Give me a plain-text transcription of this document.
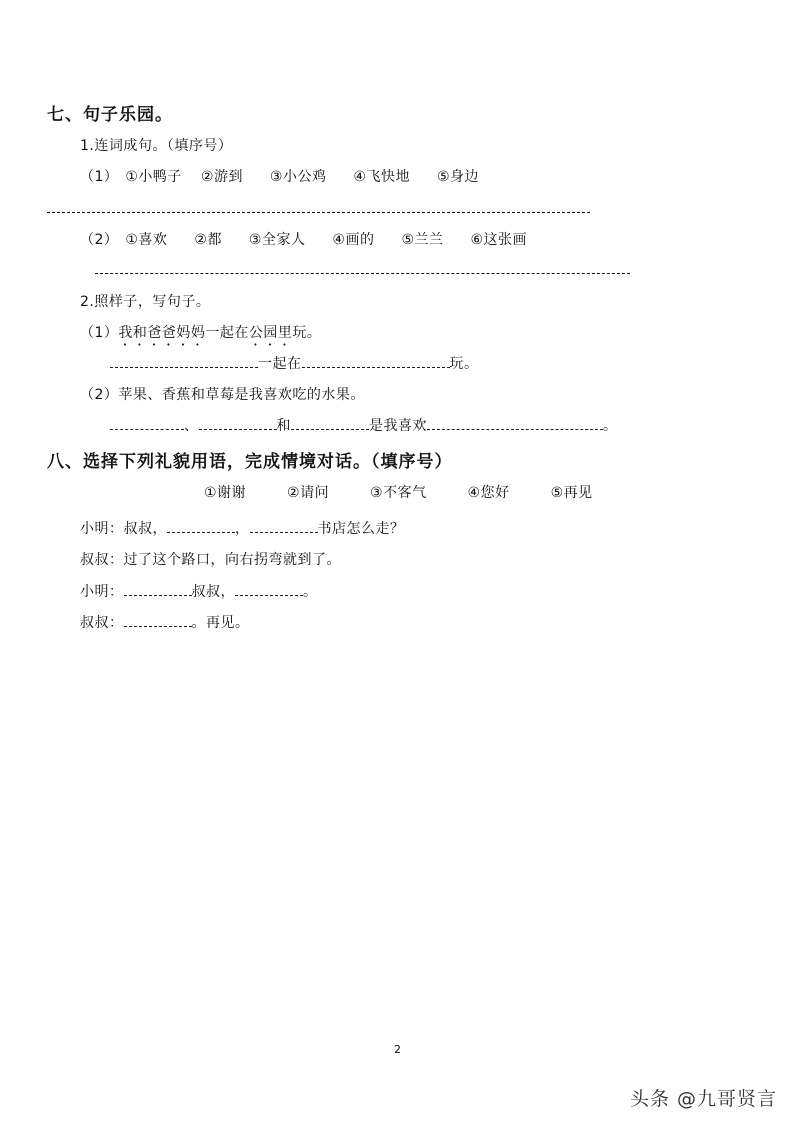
七、句子乐园。
1.连词成句。（填序号）
（1） ①小鸭子 ②游到 ③小公鸡 ④飞快地 ⑤身边
（2） ①喜欢 ②都 ③全家人 ④画的 ⑤兰兰 ⑥这张画
2.照样子，写句子。
（1）我和爸爸妈妈一起在公园里玩。
一起在	玩。
（2）苹果、香蕉和草莓是我喜欢吃的水果。
、	和	是我喜欢	。
八、选择下列礼貌用语，完成情境对话。（填序号）
①谢谢	②请问	③不客气	④您好	⑤再见
小明：叔叔，	，	书店怎么走？
叔叔：过了这个路口，向右拐弯就到了。
小明：	叔叔，	。
叔叔：	。再见。
2
头条 @九哥贤言
